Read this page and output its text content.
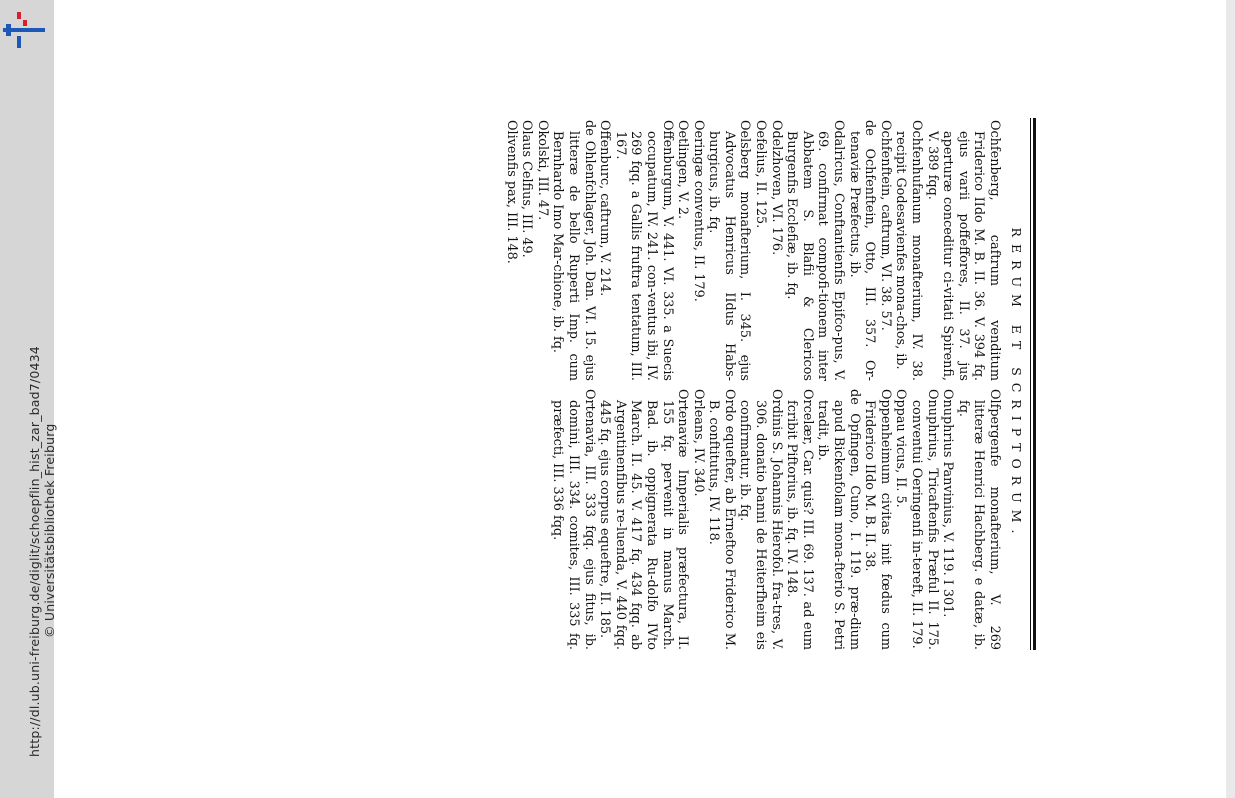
http://dl.ub.uni-freiburg.de/diglit/schoepflin_hist_zar_bad7/0434 © Universitätsbibliothek Freiburg	RERUM ET SCRIPTORUM.

Ochfenberg, caftrum venditum Friderico IIdo M. B. II. 36. V. 394 fq. ejus varii poffeffores, II. 37. jus aperturæ conceditur ci-vitati Spirenfi, V. 389 fqq.

Ochfenhufanum monafterium, IV. 38. recipit Godesavienfes mona-chos, ib.

Ochfenftein, caftrum, VI. 38. 57.

de Ochfenftein, Otto, III. 357. Or-tenaviæ Præfectus, ib.

Odalricus, Conftantienfis Epifco-pus, V. 69. confirmat compofi-tionem inter Abbatem S. Blafii & Clericos Burgenfis Ecclefiæ, ib. fq.

Odelzhoven, VI. 176.

Oefelius, II. 125.

Oelsberg monafterium, I. 345. ejus Advocatus Henricus IIdus Habs-burgicus, ib. fq.

Oeringæ conventus, II. 179.

Oetlingen, V. 2.

Offenburgum, V. 441. VI. 335. a Suecis occupatum, IV. 241. con-ventus ibi, IV. 269 fqq. a Gallis fruftra tentatum, III. 167.

Offenburc, caftrum, V. 214.

de Ohlenfchlager, Joh. Dan. VI. 15. ejus litteræ de bello Ruperti Imp. cum Bernhardo Imo Mar-chione, ib. fq.

Okolski, III. 47.

Olaus Celfius, III. 49.

Olivenfis pax, III. 148.

Olfpergenfe monafterium, V. 269 litteræ Henrici Hachberg. e datæ, ib. fq.

Onuphrius Panvinius, V. 119. I 301.

Onuphrius, Tricaftenfis Præful II. 175. conventui Oeringenfi in-tereft, II. 179.

Oppau vicus, II. 5.

Oppenheimum civitas init fœdus cum Friderico IIdo M. B. II. 38.

de Opfingen, Cuno, I. 119. præ-dium apud Bickenfolam mona-fterio S. Petri tradit, ib.

Orcelær, Car. quis? III. 69. 137. ad eum fcribit Piftorius, ib. fq. IV. 148.

Ordinis S. Johannis Hierofol. fra-tres, V. 306. donatio banni de Heiterfheim eis confirmatur, ib. fq.

Ordo equefter, ab Erneftoo Friderico M. B. conftitutus, IV. 118.

Orleans, IV. 340.

Ortenaviæ Imperialis præfectura, II. 155 fq. pervenit in manus March. Bad. ib. oppignerata Ru-dolfo IVto March. II. 45. V. 417 fq. 434 fqq. ab Argentinenfibus re-luenda, V. 440 fqq. 445 fq. ejus corpus equeftre, II. 185.

Ortenavia, III. 333 fqq. ejus fitus, ib. domini, III. 334. comites, III. 335 fq. præfecti, III. 336 fqq.
